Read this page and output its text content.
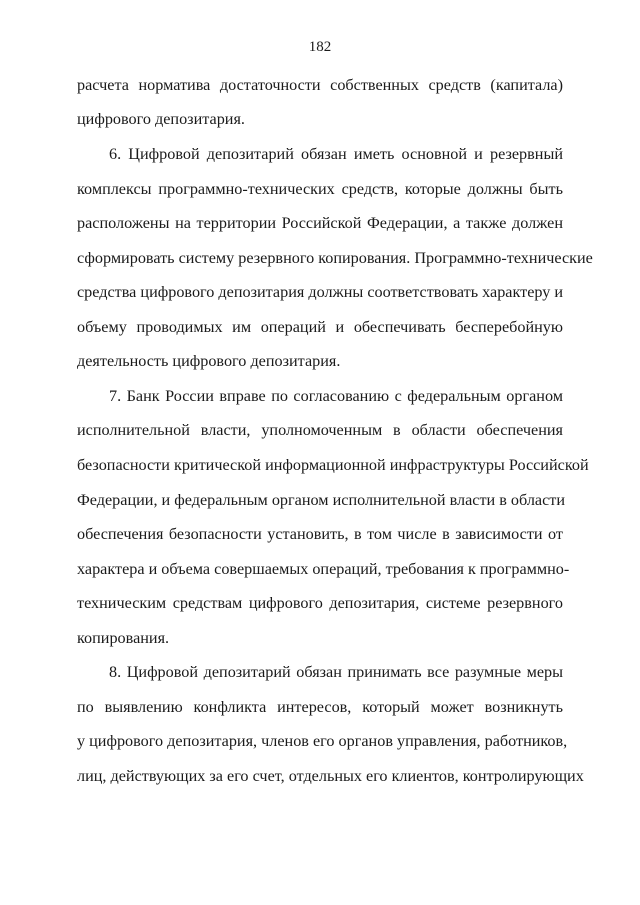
182
расчета норматива достаточности собственных средств (капитала)
цифрового депозитария.
6. Цифровой депозитарий обязан иметь основной и резервный
комплексы программно-технических средств, которые должны быть
расположены на территории Российской Федерации, а также должен
сформировать систему резервного копирования. Программно-технические
средства цифрового депозитария должны соответствовать характеру и
объему проводимых им операций и обеспечивать бесперебойную
деятельность цифрового депозитария.
7. Банк России вправе по согласованию с федеральным органом
исполнительной власти, уполномоченным в области обеспечения
безопасности критической информационной инфраструктуры Российской
Федерации, и федеральным органом исполнительной власти в области
обеспечения безопасности установить, в том числе в зависимости от
характера и объема совершаемых операций, требования к программно-
техническим средствам цифрового депозитария, системе резервного
копирования.
8. Цифровой депозитарий обязан принимать все разумные меры
по выявлению конфликта интересов, который может возникнуть
у цифрового депозитария, членов его органов управления, работников,
лиц, действующих за его счет, отдельных его клиентов, контролирующих
